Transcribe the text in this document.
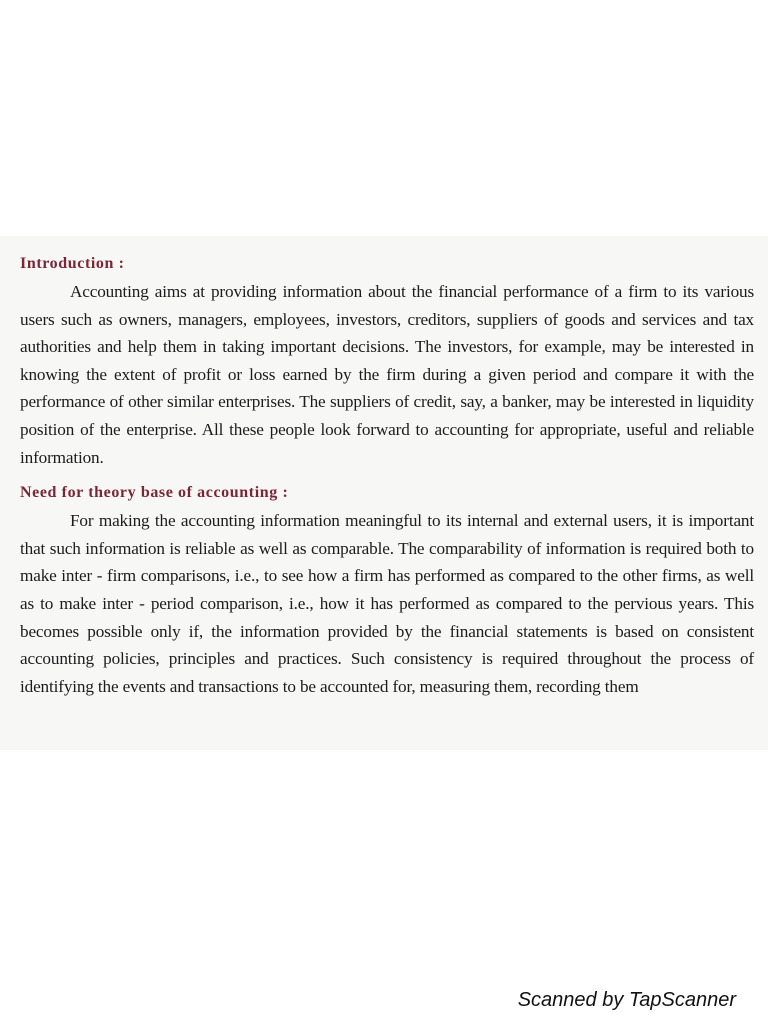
Introduction :

Accounting aims at providing information about the financial performance of a firm to its various users such as owners, managers, employees, investors, creditors, suppliers of goods and services and tax authorities and help them in taking important decisions. The investors, for example, may be interested in knowing the extent of profit or loss earned by the firm during a given period and compare it with the performance of other similar enterprises. The suppliers of credit, say, a banker, may be interested in liquidity position of the enterprise. All these people look forward to accounting for appropriate, useful and reliable information.

Need for theory base of accounting :

For making the accounting information meaningful to its internal and external users, it is important that such information is reliable as well as comparable. The comparability of information is required both to make inter - firm comparisons, i.e., to see how a firm has performed as compared to the other firms, as well as to make inter - period comparison, i.e., how it has performed as compared to the pervious years. This becomes possible only if, the information provided by the financial statements is based on consistent accounting policies, principles and practices. Such consistency is required throughout the process of identifying the events and transactions to be accounted for, measuring them, recording them

Scanned by TapScanner
